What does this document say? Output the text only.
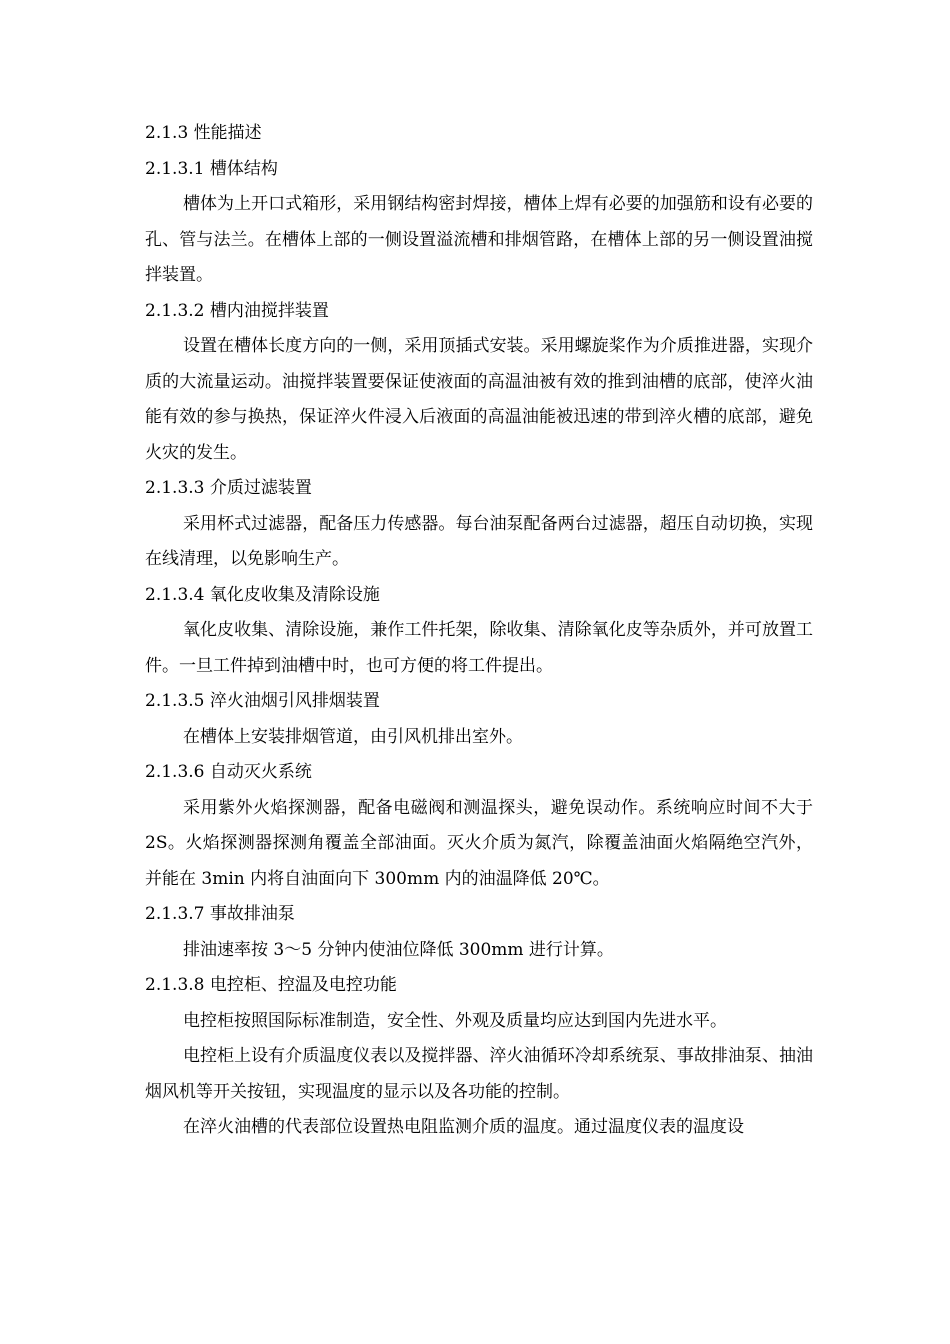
2.1.3 性能描述

2.1.3.1 槽体结构

槽体为上开口式箱形，采用钢结构密封焊接，槽体上焊有必要的加强筋和设有必要的孔、管与法兰。在槽体上部的一侧设置溢流槽和排烟管路，在槽体上部的另一侧设置油搅拌装置。

2.1.3.2 槽内油搅拌装置

设置在槽体长度方向的一侧，采用顶插式安装。采用螺旋桨作为介质推进器，实现介质的大流量运动。油搅拌装置要保证使液面的高温油被有效的推到油槽的底部，使淬火油能有效的参与换热，保证淬火件浸入后液面的高温油能被迅速的带到淬火槽的底部，避免火灾的发生。

2.1.3.3 介质过滤装置

采用杯式过滤器，配备压力传感器。每台油泵配备两台过滤器，超压自动切换，实现在线清理，以免影响生产。

2.1.3.4 氧化皮收集及清除设施

氧化皮收集、清除设施，兼作工件托架，除收集、清除氧化皮等杂质外，并可放置工件。一旦工件掉到油槽中时，也可方便的将工件提出。

2.1.3.5 淬火油烟引风排烟装置

在槽体上安装排烟管道，由引风机排出室外。

2.1.3.6 自动灭火系统

采用紫外火焰探测器，配备电磁阀和测温探头，避免误动作。系统响应时间不大于 2S。火焰探测器探测角覆盖全部油面。灭火介质为氮汽，除覆盖油面火焰隔绝空汽外，并能在 3min 内将自油面向下 300mm 内的油温降低 20℃。

2.1.3.7 事故排油泵

排油速率按 3～5 分钟内使油位降低 300mm 进行计算。

2.1.3.8 电控柜、控温及电控功能

电控柜按照国际标准制造，安全性、外观及质量均应达到国内先进水平。

电控柜上设有介质温度仪表以及搅拌器、淬火油循环冷却系统泵、事故排油泵、抽油烟风机等开关按钮，实现温度的显示以及各功能的控制。

在淬火油槽的代表部位设置热电阻监测介质的温度。通过温度仪表的温度设
